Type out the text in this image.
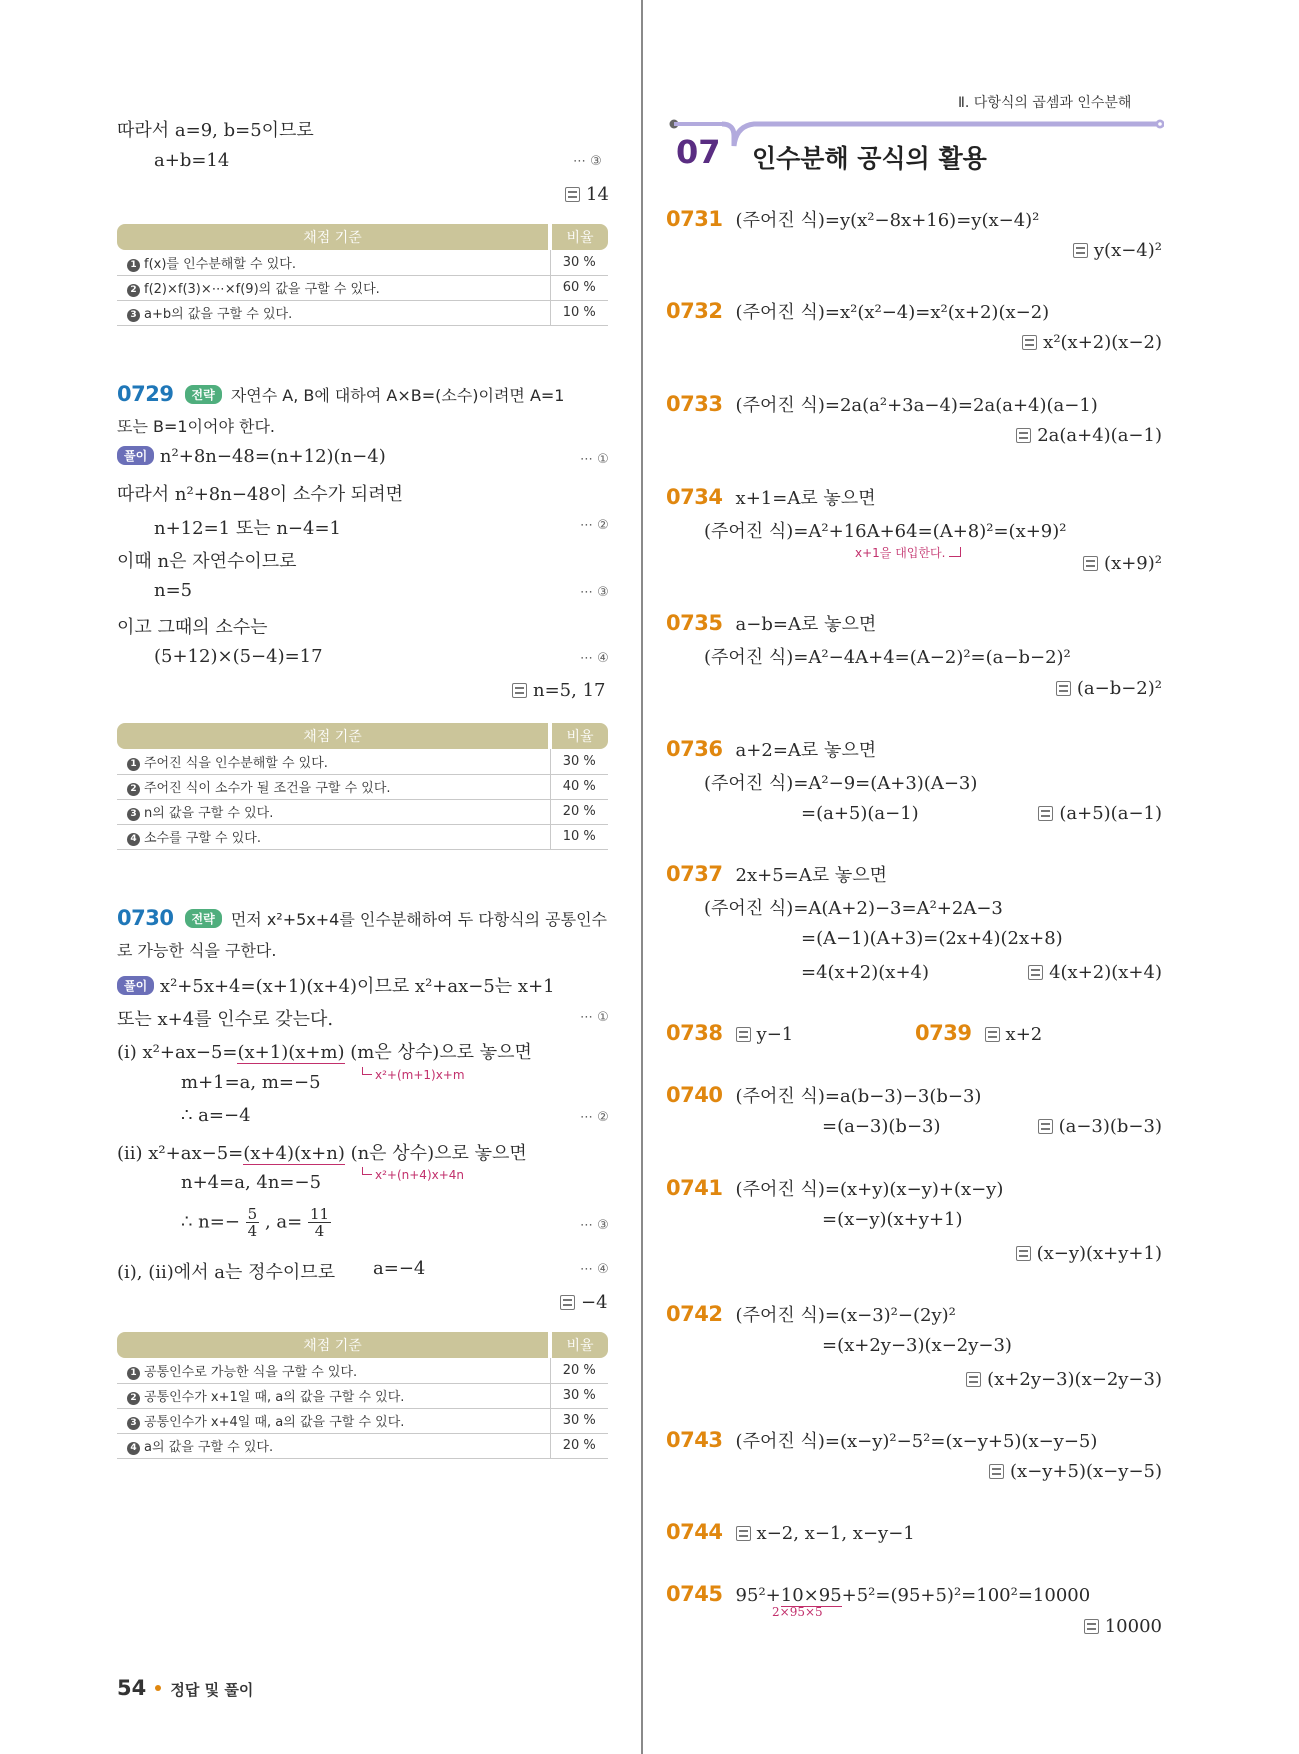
따라서 a=9, b=5이므로
a+b=14	⋯ ③
14
채점 기준	비율
1 f(x)를 인수분해할 수 있다.	30 %
2 f(2)×f(3)×⋯×f(9)의 값을 구할 수 있다.	60 %
3 a+b의 값을 구할 수 있다.	10 %
0729 전략 자연수 A, B에 대하여 A×B=(소수)이려면 A=1
또는 B=1이어야 한다.
풀이 n²+8n−48=(n+12)(n−4)	⋯ ①
따라서 n²+8n−48이 소수가 되려면
n+12=1 또는 n−4=1	⋯ ②
이때 n은 자연수이므로
n=5	⋯ ③
이고 그때의 소수는
(5+12)×(5−4)=17	⋯ ④
n=5, 17
채점 기준	비율
1 주어진 식을 인수분해할 수 있다.	30 %
2 주어진 식이 소수가 될 조건을 구할 수 있다.	40 %
3 n의 값을 구할 수 있다.	20 %
4 소수를 구할 수 있다.	10 %
0730 전략 먼저 x²+5x+4를 인수분해하여 두 다항식의 공통인수
로 가능한 식을 구한다.
풀이 x²+5x+4=(x+1)(x+4)이므로 x²+ax−5는 x+1
또는 x+4를 인수로 갖는다.	⋯ ①
(i) x²+ax−5=(x+1)(x+m) (m은 상수)으로 놓으면
x²+(m+1)x+m
m+1=a, m=−5
∴ a=−4	⋯ ②
(ii) x²+ax−5=(x+4)(x+n) (n은 상수)으로 놓으면
x²+(n+4)x+4n
n+4=a, 4n=−5
∴ $n=- \frac{5}{4}$ , $a= \frac{11}{4}$	⋯ ③
(i), (ii)에서 a는 정수이므로 a=−4	⋯ ④
−4
채점 기준	비율
1 공통인수로 가능한 식을 구할 수 있다.	20 %
2 공통인수가 x+1일 때, a의 값을 구할 수 있다.	30 %
3 공통인수가 x+4일 때, a의 값을 구할 수 있다.	30 %
4 a의 값을 구할 수 있다.	20 %
54 정답 및 풀이
Ⅱ. 다항식의 곱셈과 인수분해
07 인수분해 공식의 활용
0731 (주어진 식)=y(x²−8x+16)=y(x−4)²
y(x−4)²
0732 (주어진 식)=x²(x²−4)=x²(x+2)(x−2)
x²(x+2)(x−2)
0733 (주어진 식)=2a(a²+3a−4)=2a(a+4)(a−1)
2a(a+4)(a−1)
0734 x+1=A로 놓으면
(주어진 식)=A²+16A+64=(A+8)²=(x+9)²
x+1을 대입한다.	(x+9)²
0735 a−b=A로 놓으면
(주어진 식)=A²−4A+4=(A−2)²=(a−b−2)²
(a−b−2)²
0736 a+2=A로 놓으면
(주어진 식)=A²−9=(A+3)(A−3)
=(a+5)(a−1)	(a+5)(a−1)
0737 2x+5=A로 놓으면
(주어진 식)=A(A+2)−3=A²+2A−3
=(A−1)(A+3)=(2x+4)(2x+8)
=4(x+2)(x+4)	4(x+2)(x+4)
0738 y−1	0739 x+2
0740 (주어진 식)=a(b−3)−3(b−3)
=(a−3)(b−3)	(a−3)(b−3)
0741 (주어진 식)=(x+y)(x−y)+(x−y)
=(x−y)(x+y+1)
(x−y)(x+y+1)
0742 (주어진 식)=(x−3)²−(2y)²
=(x+2y−3)(x−2y−3)
(x+2y−3)(x−2y−3)
0743 (주어진 식)=(x−y)²−5²=(x−y+5)(x−y−5)
(x−y+5)(x−y−5)
0744 x−2, x−1, x−y−1
0745 95²+10×95+5²=(95+5)²=100²=10000
2×95×5
10000
